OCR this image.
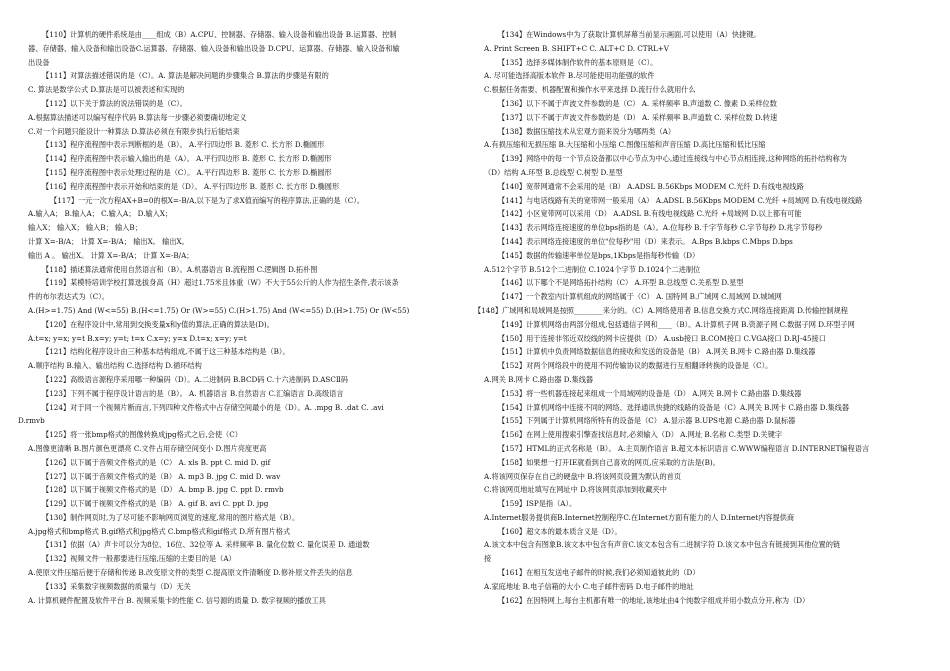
【110】计算机的硬件系统是由____组成（B）A.CPU、控制器、存储器、输入设备和输出设备 B.运算器、控制
器、存储器、输入设备和输出设备C.运算器、存储器、输入设备和输出设备 D.CPU、运算器、存储器、输入设备和输
出设备
【111】对算法描述错误的是（C）。A. 算法是解决问题的步骤集合 B.算法的步骤是有限的
C. 算法是数学公式 D.算法是可以被表述和实现的
【112】以下关于算法的说法错误的是（C）。
A.根据算法描述可以编写程序代码 B.算法每一步骤必须要确切地定义
C.对一个问题只能设计一种算法 D.算法必须在有限步执行后能结束
【113】程序流程图中表示判断框的是（B）。 A.平行四边形 B. 菱形 C. 长方形 D.椭圆形
【114】程序流程图中表示输入输出的是（A）。 A.平行四边形 B. 菱形 C. 长方形 D.椭圆形
【115】程序流程图中表示处理过程的是（C）。 A.平行四边形 B. 菱形 C. 长方形 D.椭圆形
【116】程序流程图中表示开始和结束的是（D）。 A.平行四边形 B. 菱形 C. 长方形 D.椭圆形
【117】一元一次方程AX+B=0的根X=-B/A,以下是为了求X值而编写的程序算法,正确的是（C）。
A.输入A； B.输入A； C.输入A； D.输入X；
输入X； 输入X； 输入B； 输入B；
计算 X=-B/A； 计算 X=-B/A； 输出X。 输出X。
输出 A 。 输出X。 计算 X=-B/A； 计算 X=-B/A；
【118】描述算法通常使用自然语言和（B）。A.机器语言 B.流程图 C.逻辑图 D.拓朴图
【119】某模特培训学校打算选拔身高（H）超过1.75米且体重（W）不大于55公斤的人作为招生条件,表示该条
件的布尔表达式为（C）。
A.(H>=1.75) And (W<=55) B.(H<=1.75) Or (W>=55) C.(H>1.75) And (W<=55) D.(H>1.75) Or (W<55)
【120】在程序设计中,常用到交换变量x和y值的算法,正确的算法是(D)。
A.t=x; y=x; y=t B.x=y; y=t; t=x C.x=y; y=x D.t=x; x=y; y=t
【121】结构化程序设计由三种基本结构组成,不属于这三种基本结构是（B）。
A.顺序结构 B.输入、输出结构 C.选择结构 D.循环结构
【122】高级语言源程序采用哪一种编码（D）。A.二进制码 B.BCD码 C.十六进制码 D.ASCⅡ码
【123】下列不属于程序设计语言的是（B）。 A. 机器语言 B.自然语言 C.汇编语言 D.高级语言
【124】对于同一个视频片断而言,下列四种文件格式中占存储空间最小的是（D）。A. .mpg B. .dat C. .avi
D.rmvb
【125】将一张bmp格式的图像转换成jpg格式之后,会使（C）
A.图像更清晰 B.图片颜色更漂亮 C.文件占用存储空间变小 D.图片亮度更高
【126】以下属于音频文件格式的是（C） A. xls B. ppt C. mid D. gif
【127】以下属于音频文件格式的是（B） A. mp3 B. jpg C. mid D. wav
【128】以下属于视频文件格式的是（D） A. bmp B. jpg C. ppt D. rmvb
【129】以下属于视频文件格式的是（B） A. gif B. avi C. ppt D. jpg
【130】制作网页时,为了尽可能不影响网页浏览的速度,常用的图片格式是（B）。
A.jpg格式和bmp格式 B.gif格式和jpg格式 C.bmp格式和gif格式 D.所有图片格式
【131】依据（A）声卡可以分为8位、16位、32位等 A. 采样频率 B. 量化位数 C. 量化误差 D. 通道数
【132】视频文件一般都要进行压缩,压缩的主要目的是（A）
A.使原文件压缩后便于存储和传递 B.改变原文件的类型 C.提高原文件清晰度 D.修补原文件丢失的信息
【133】采集数字视频数据的质量与（D）无关
A. 计算机硬件配置及软件平台 B. 视频采集卡的性能 C. 信号源的质量 D. 数字视频的播放工具
【134】在Windows中为了获取计算机屏幕当前显示画面,可以使用（A）快捷键。
A. Print Screen B. SHIFT+C C. ALT+C D. CTRL+V
【135】选择多媒体制作软件的基本原则是（C）。
A. 尽可能选择高版本软件 B.尽可能使用功能强的软件
C.根据任务需要、机器配置和操作水平来选择 D.流行什么就用什么
【136】以下不属于声波文件参数的是（C） A. 采样频率 B.声道数 C. 像素 D.采样位数
【137】以下不属于声波文件参数的是（D） A. 采样频率 B.声道数 C. 采样位数 D.转速
【138】数据压缩技术从宏观方面来说分为哪两类（A）
A.有损压缩和无损压缩 B.大压缩和小压缩 C.图像压缩和声音压缩 D.高比压缩和低比压缩
【139】网络中的每一个节点设备都以中心节点为中心,通过连接线与中心节点相连接,这种网络的拓扑结构称为
（D）结构 A.环型 B.总线型 C.树型 D.星型
【140】宽带网通常不会采用的是（B） A.ADSL B.56Kbps MODEM C.光纤 D.有线电视线路
【141】与电话线路有关的宽带网一般采用（A） A.ADSL B.56Kbps MODEM C.光纤 +局域网 D.有线电视线路
【142】小区宽带网可以采用（D） A.ADSL B.有线电视线路 C.光纤 +局域网 D.以上都有可能
【143】表示网络连接速度的单位bps指的是（A）。A.位每秒 B.千字节每秒 C.字节每秒 D.兆字节每秒
【144】表示网络连接速度的单位"位每秒"用（D）来表示。 A.Bps B.kbps C.Mbps D.bps
【145】数据的传输速率单位是bps,1Kbps是指每秒传输（D）
A.512个字节 B.512个二进制位 C.1024个字节 D.1024个二进制位
【146】以下哪个不是网络拓扑结构（C） A.环型 B.总线型 C.关系型 D.星型
【147】一个教室内计算机组成的网络属于（C） A. 国特网 B.广域网 C.局域网 D.城域网
【148】广域网和局域网是按照________来分的。（C）A.网络使用者 B.信息交换方式C.网络连接距离 D.传输控制规程
【149】计算机网络由两部分组成,包括通信子网和____（B）。A.计算机子网 B.资源子网 C.数据子网 D.环型子网
【150】用于连接非邻近双绞线的网卡应提供（D） A.usb接口 B.COM接口 C.VGA接口 D.RJ-45接口
【151】计算机中负责网络数据信息的接收和发送的设备是（B） A.网关 B.网卡 C.路由器 D.集线器
【152】对两个网络段中的使用不同传输协议的数据进行互相翻译转换的设备是（C）。
A.网关 B.网卡 C.路由器 D.集线器
【153】将一些机器连接起来组成一个局域网的设备是（D） A.网关 B.网卡 C.路由器 D.集线器
【154】计算机网络中连接不同的网络、选择通讯快捷的线路的设备是（C）A.网关 B.网卡 C.路由器 D.集线器
【155】下列属于计算机网络所特有的设备是（C） A.显示器 B.UPS电源 C.路由器 D.鼠标器
【156】在网上使用搜索引擎查找信息时,必须输入（D） A.网址 B.名称 C.类型 D.关键字
【157】HTML的正式名称是（B）。 A.主页制作语言 B.超文本标识语言 C.WWW编程语言 D.INTERNET编程语言
【158】如果想一打开IE就看到自己喜欢的网页,应采取的方法是(B)。
A.将该网页保存在自己的硬盘中 B.将该网页设置为默认的首页
C.将该网页地址填写在网址中 D.将该网页添加到收藏夹中
【159】ISP是指（A）。
A.Internet服务提供商B.Internet控制程序C.在Internet方面有能力的人 D.Internet内容提供商
【160】超文本的最本质含义是（D）。
A.该文本中包含有图象B.该文本中包含有声音C.该文本包含有二进制字符 D.该文本中包含有链接到其他位置的链
接
【161】在相互发送电子邮件的时候,我们必须知道彼此的（D）
A.家庭地址 B.电子信箱的大小 C.电子邮件密码 D.电子邮件的地址
【162】在因特网上,每台主机都有唯一的地址,该地址由4个纯数字组成并用小数点分开,称为（D）
